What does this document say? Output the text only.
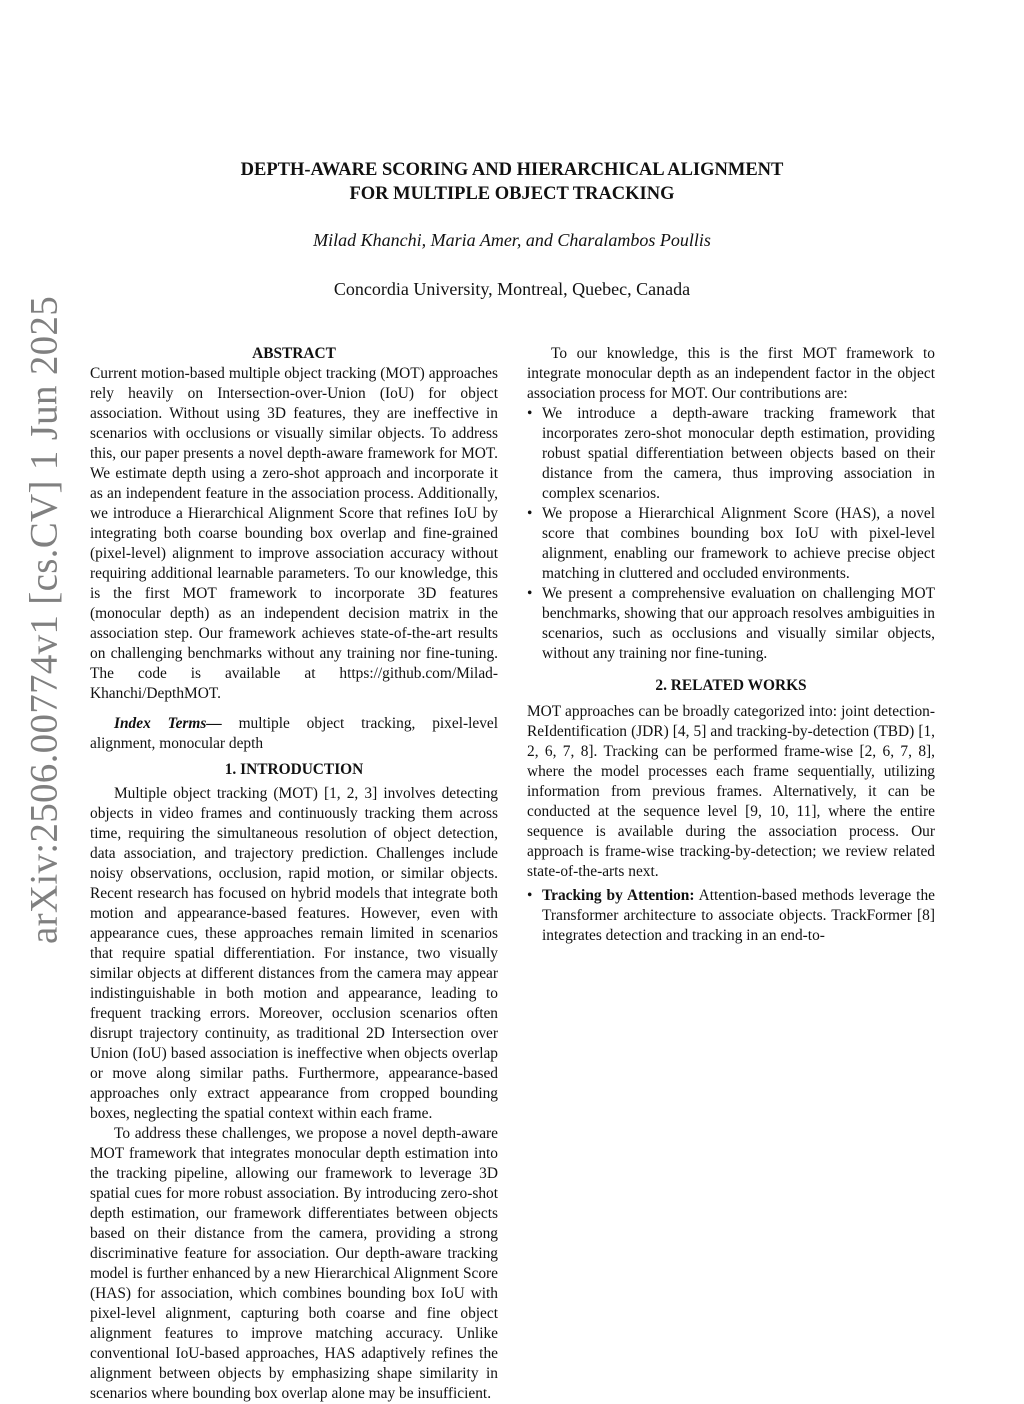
arXiv:2506.00774v1 [cs.CV] 1 Jun 2025
DEPTH-AWARE SCORING AND HIERARCHICAL ALIGNMENT
FOR MULTIPLE OBJECT TRACKING
Milad Khanchi, Maria Amer, and Charalambos Poullis
Concordia University, Montreal, Quebec, Canada
ABSTRACT

Current motion-based multiple object tracking (MOT) approaches rely heavily on Intersection-over-Union (IoU) for object association. Without using 3D features, they are ineffective in scenarios with occlusions or visually similar objects. To address this, our paper presents a novel depth-aware framework for MOT. We estimate depth using a zero-shot approach and incorporate it as an independent feature in the association process. Additionally, we introduce a Hierarchical Alignment Score that refines IoU by integrating both coarse bounding box overlap and fine-grained (pixel-level) alignment to improve association accuracy without requiring additional learnable parameters. To our knowledge, this is the first MOT framework to incorporate 3D features (monocular depth) as an independent decision matrix in the association step. Our framework achieves state-of-the-art results on challenging benchmarks without any training nor fine-tuning. The code is available at https://github.com/Milad-Khanchi/DepthMOT.

Index Terms— multiple object tracking, pixel-level alignment, monocular depth

1. INTRODUCTION

Multiple object tracking (MOT) [1, 2, 3] involves detecting objects in video frames and continuously tracking them across time, requiring the simultaneous resolution of object detection, data association, and trajectory prediction. Challenges include noisy observations, occlusion, rapid motion, or similar objects. Recent research has focused on hybrid models that integrate both motion and appearance-based features. However, even with appearance cues, these approaches remain limited in scenarios that require spatial differentiation. For instance, two visually similar objects at different distances from the camera may appear indistinguishable in both motion and appearance, leading to frequent tracking errors. Moreover, occlusion scenarios often disrupt trajectory continuity, as traditional 2D Intersection over Union (IoU) based association is ineffective when objects overlap or move along similar paths. Furthermore, appearance-based approaches only extract appearance from cropped bounding boxes, neglecting the spatial context within each frame.

To address these challenges, we propose a novel depth-aware MOT framework that integrates monocular depth estimation into the tracking pipeline, allowing our framework to leverage 3D spatial cues for more robust association. By introducing zero-shot depth estimation, our framework differentiates between objects based on their distance from the camera, providing a strong discriminative feature for association. Our depth-aware tracking model is further enhanced by a new Hierarchical Alignment Score (HAS) for association, which combines bounding box IoU with pixel-level alignment, capturing both coarse and fine object alignment features to improve matching accuracy. Unlike conventional IoU-based approaches, HAS adaptively refines the alignment between objects by emphasizing shape similarity in scenarios where bounding box overlap alone may be insufficient.

To our knowledge, this is the first MOT framework to integrate monocular depth as an independent factor in the object association process for MOT. Our contributions are:

• We introduce a depth-aware tracking framework that incorporates zero-shot monocular depth estimation, providing robust spatial differentiation between objects based on their distance from the camera, thus improving association in complex scenarios.
• We propose a Hierarchical Alignment Score (HAS), a novel score that combines bounding box IoU with pixel-level alignment, enabling our framework to achieve precise object matching in cluttered and occluded environments.
• We present a comprehensive evaluation on challenging MOT benchmarks, showing that our approach resolves ambiguities in scenarios, such as occlusions and visually similar objects, without any training nor fine-tuning.
2. RELATED WORKS

MOT approaches can be broadly categorized into: joint detection-ReIdentification (JDR) [4, 5] and tracking-by-detection (TBD) [1, 2, 6, 7, 8]. Tracking can be performed frame-wise [2, 6, 7, 8], where the model processes each frame sequentially, utilizing information from previous frames. Alternatively, it can be conducted at the sequence level [9, 10, 11], where the entire sequence is available during the association process. Our approach is frame-wise tracking-by-detection; we review related state-of-the-arts next.

• Tracking by Attention: Attention-based methods leverage the Transformer architecture to associate objects. TrackFormer [8] integrates detection and tracking in an end-to-
